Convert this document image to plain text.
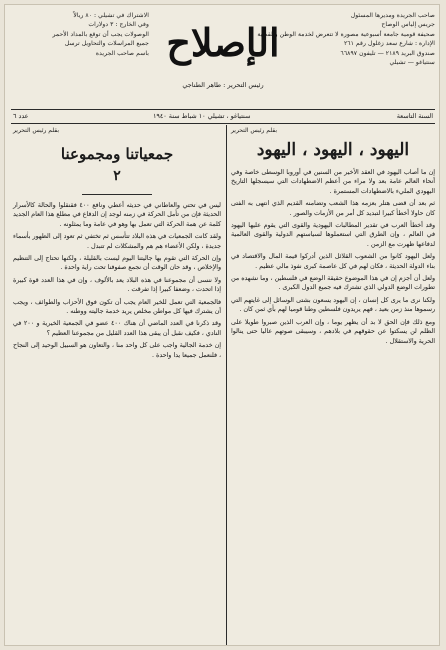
صاحب الجريدة ومديرها المسئول
جريس إلياس الوصاح
صحيفة قومية جامعة أسبوعية مصورة لا تتعرض لخدمة الوطن والقضية
الإدارة : شارع سعد زغلول رقم ٢٦١
صندوق البريد ٢١٨٩ — تليفون ٦٦٨٩٧
سنتياغو — تشيلي
الإصلاح
رئيس التحرير : طاهر الطناجي
الاشتراك في تشيلي : ٨٠ ريالاً
وفي الخارج : ٣ دولارات
الوصولات يجب أن توقع بالمداد الأحمر
جميع المراسلات والتحاويل ترسل
باسم صاحب الجريدة
السنة التاسعة
سنتياغو ، تشيلي ١٠ شباط سنة ١٩٤٠
عدد ٦
بقلم رئيس التحرير
اليهود ، اليهود ، اليهود

إن ما أصاب اليهود في العقد الأخير من السنين في أوروبا الوسطى خاصة وفي أنحاء العالم عامة بعد ولا مراء من أعظم الاضطهادات التي سيسجلها التاريخ اليهودي المليء بالاضطهادات المستمرة .

ثم بعد أن قضى هتلر بعزمه هذا الشعب وتضامنه القديم الذي انتهى به الفتى كان حاولا أخطأ كبيرا لتبديد كل أمر من الأزمات والصور .

وقد أخطأ العرب في تقدير المطالبات اليهودية والقوى التي يقوم عليها اليهود في العالم ، وإن الطرق التي استعملوها لسياستهم الدولية والقوى العالمية لدفاعها ظهرت مع الزمن .

ولعل اليهود كانوا من الشعوب القلائل الذين أدركوا قيمة المال والاقتصاد في بناء الدولة الحديثة ، فكان لهم في كل عاصمة كبرى نفوذ مالي عظيم .

ولعل أن أجزم إن في هذا الموضوع حقيقة الوضع في فلسطين ، وما نشهده من تطورات الوضع الدولي الذي تشترك فيه جميع الدول الكبرى .

ولكنا نرى ما يرى كل إنسان ، إن اليهود يسعون بشتى الوسائل إلى غايتهم التي رسموها منذ زمن بعيد ، فهم يريدون فلسطين وطنا قوميا لهم بأي ثمن كان .

ومع ذلك فإن الحق لا بد أن يظهر يوما ، وإن العرب الذين صبروا طويلا على الظلم لن يسكتوا عن حقوقهم في بلادهم ، وسيبقى صوتهم عاليا حتى ينالوا الحرية والاستقلال .

بقلم رئيس التحرير
جمعياتنا ومجموعنا
٢

ليس في تحتي والعاطاني في حديثه أعطي ونافع ٤٠٠ فقنقلوا والحالة كالأسرار الحديثة فإن من تأمل الحركة في زمنه لوجد إن الدفاع في مطلع هذا العام الجديد كلمة عن همة الحركة التي تعمل بها وهو في عامة وما يمثلونه .

ولقد كانت الجمعيات في هذه البلاد تتأسس ثم تختفي ثم تعود إلى الظهور بأسماء جديدة ، ولكن الأعضاء هم هم والمشكلات لم تتبدل .

وإن الحركة التي تقوم بها جاليتنا اليوم ليست بالقليلة ، ولكنها تحتاج إلى التنظيم والإخلاص ، وقد حان الوقت أن نجمع صفوفنا تحت راية واحدة .

ولا ننسى أن مجموعنا في هذه البلاد يعد بالألوف ، وإن في هذا العدد قوة كبيرة إذا اتحدت ، وضعفا كبيرا إذا تفرقت .

فالجمعية التي تعمل للخير العام يجب أن تكون فوق الأحزاب والطوائف ، ويجب أن يشترك فيها كل مواطن مخلص يريد خدمة جاليته ووطنه .

وقد ذكرنا في العدد الماضي أن هناك ٤٠٠ عضو في الجمعية الخيرية و ٢٠٠ في النادي ، فكيف نقبل أن يبقى هذا العدد القليل من مجموعنا العظيم ؟

إن خدمة الجالية واجب على كل واحد منا ، والتعاون هو السبيل الوحيد إلى النجاح ، فلنعمل جميعا يدا واحدة .
